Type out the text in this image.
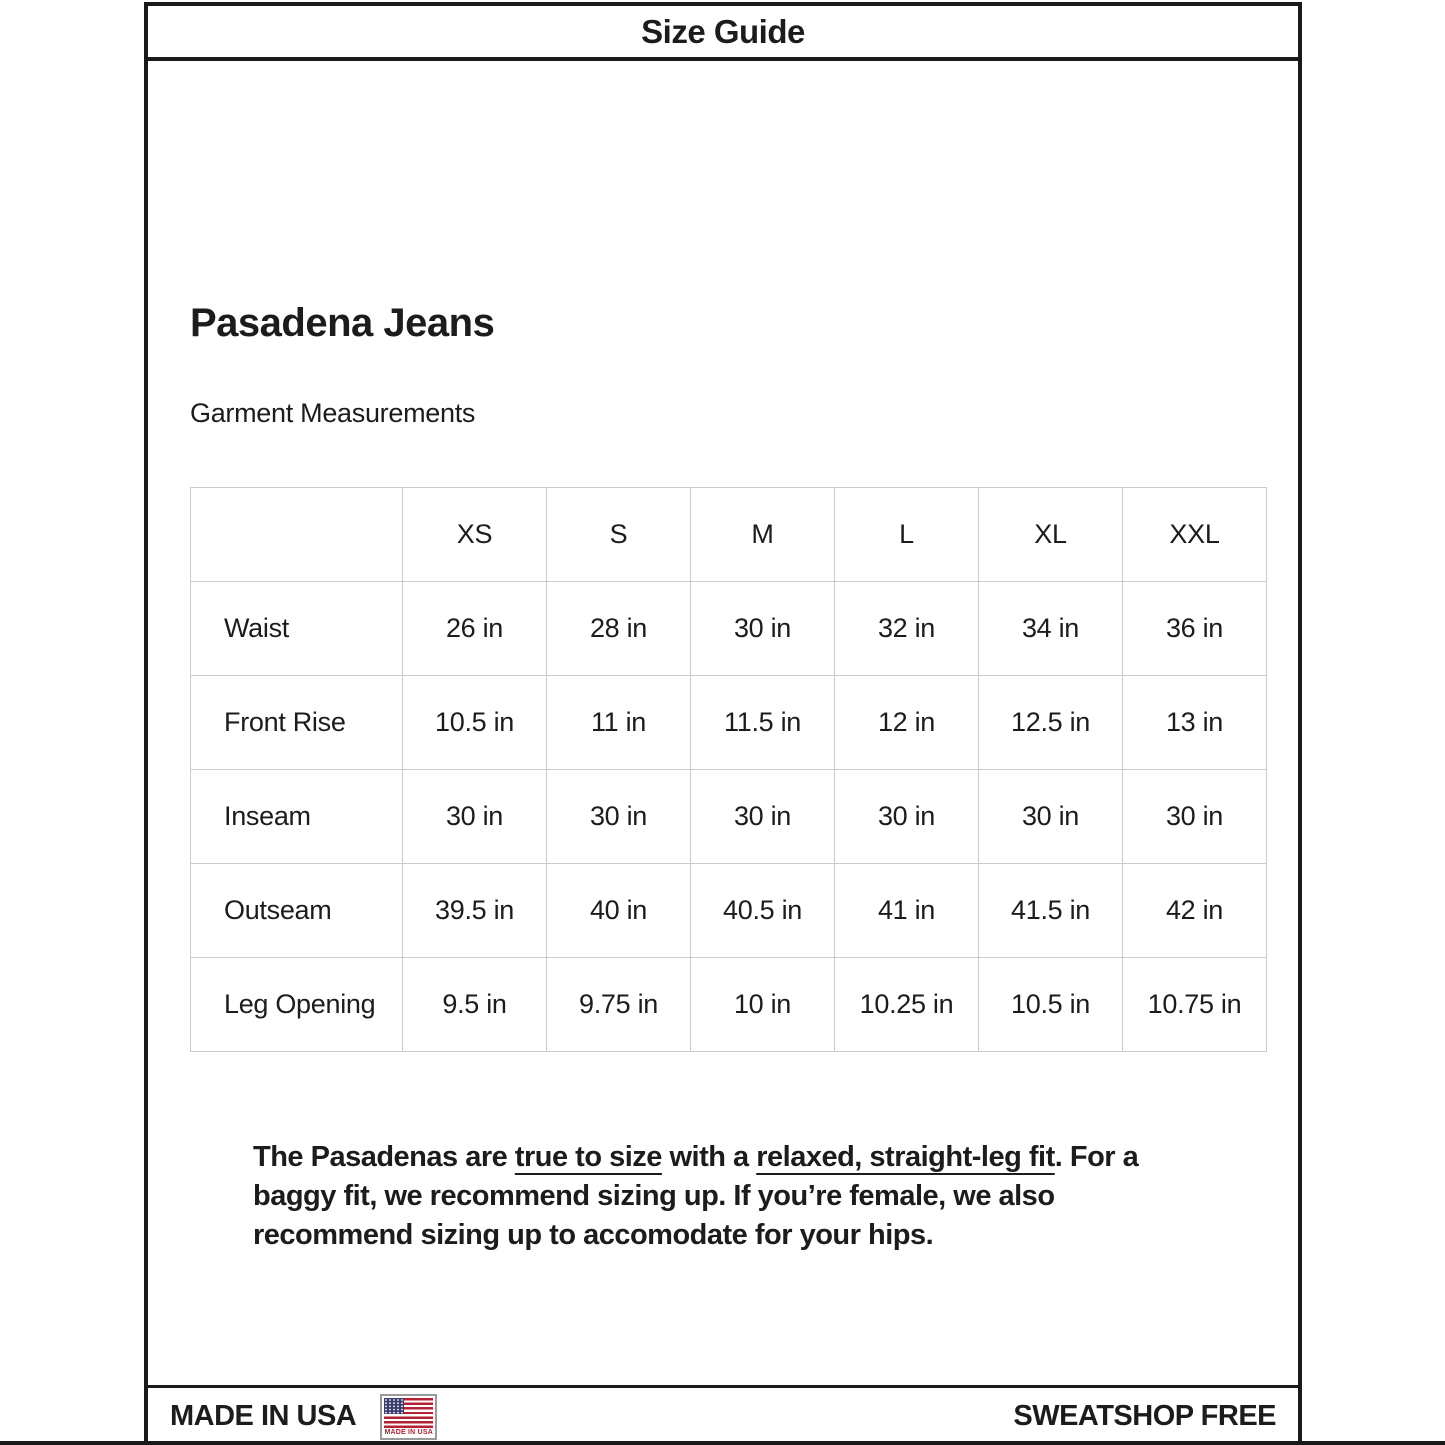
Size Guide
Pasadena Jeans
Garment Measurements
	XS	S	M	L	XL	XXL
Waist	26 in	28 in	30 in	32 in	34 in	36 in
Front Rise	10.5 in	11 in	11.5 in	12 in	12.5 in	13 in
Inseam	30 in	30 in	30 in	30 in	30 in	30 in
Outseam	39.5 in	40 in	40.5 in	41 in	41.5 in	42 in
Leg Opening	9.5 in	9.75 in	10 in	10.25 in	10.5 in	10.75 in

The Pasadenas are true to size with a relaxed, straight-leg fit. For a baggy fit, we recommend sizing up. If you’re female, we also recommend sizing up to accomodate for your hips.

MADE IN USA	MADE IN USA	SWEATSHOP FREE
